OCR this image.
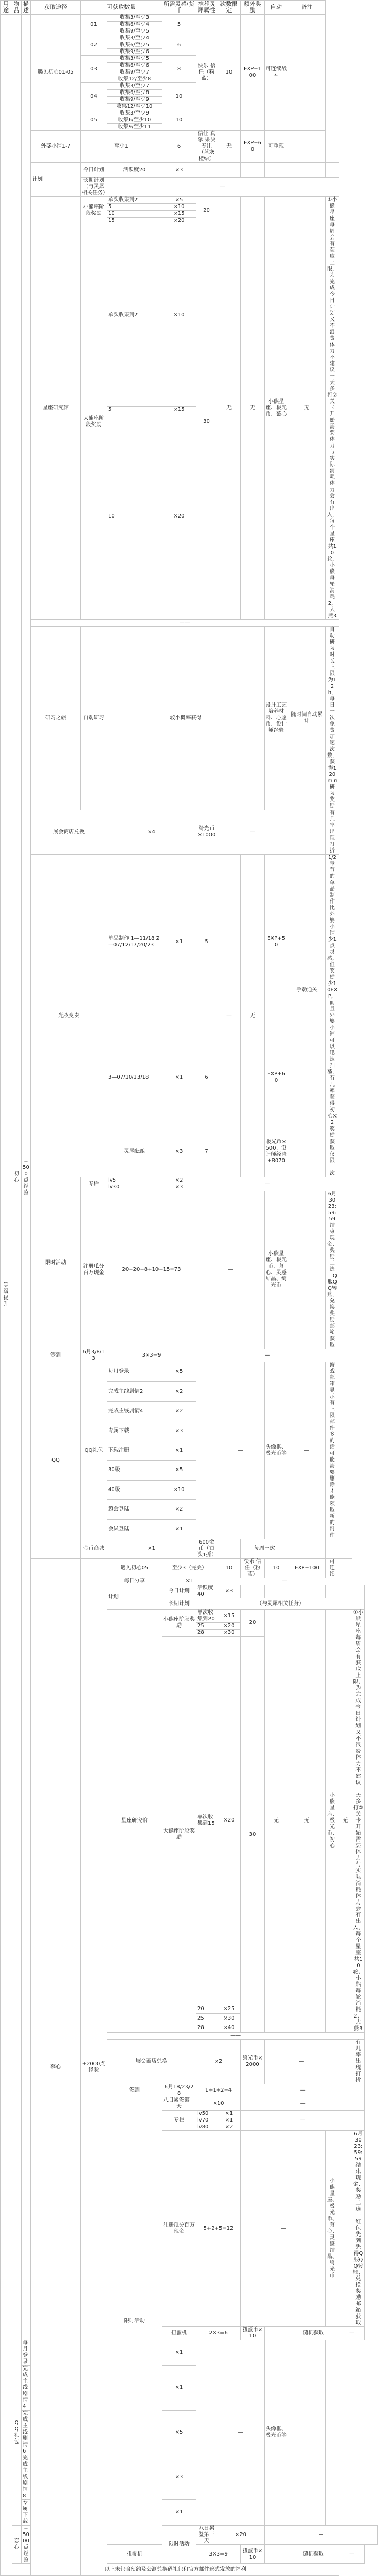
用途	物品	描述	获取途径	可获取数量		所需灵感/货币	推荐灵犀属性	次数限定	额外奖励	自动	备注			
等级提升	初心	+500点经验	遇见初心01-05	01	收集3/至少3	5	快乐 信任（粉 蓝）	10	EXP+100	可连续战斗				
					收集6/至少4									
					收集9/至少5									
				02	收集3/至少4	6								
					收集6/至少5									
					收集9/至少6									
				03	收集3/至少5	8								
					收集6/至少6									
					收集9/至少7									
					收集12/至少8									
				04	收集3/至少7	10								
					收集6/至少8									
					收集9/至少9									
					收集12/至少10									
				05	收集3/至少9	10								
					收集6/至少10									
					收集9/至少11									
			外婆小铺1-7	至少1		6	信任 真挚 果决 专注（蓝灰橙绿）	无	EXP+60	可重现				
			计划	今日计划	活跃度20	×3								
				长期计划（与灵犀相关任务）	—									
			星座研究馆	小熊座阶段奖励	单次收集到2	×5	20	无	无	小熊星座、极光币、慕心	无	①小熊星座每周会有获取上限，为完成今日计划又不浪费体力不建议一天多打②关卡开始需要体力与实际消耗体力会有出入，每个星座共10轮，小熊每轮消耗2，大熊3		
					5	×10								
					10	×15								
					15	×20								
				大熊座阶段奖励	单次收集到2	×10	30							
					5	×15								
					10	×20								

			——											
			研习之旅	自动研习	较小概率获得					设计工艺培养材料、心愿币、设计师经验	随时间自动累计	自动研习时长上限为12h，每日一次免费加速次数，获得120min研习奖励		
			展会商店兑换		×4		绮光币×1000	—				有几率出现打折		
			光夜变奏		单品制作 1—11/18 2—07/12/17/20/23	×1	5	—	无	EXP+50	手动通关	1/2章节的单品制作比外婆小铺少1点灵感，但奖励少10EXP，而且外婆小铺可以迅速扫荡，有几率获得初心×2		
					3—07/10/13/18	×1	6			EXP+60				
					灵犀酝酿	×3	7			极光币×500、设计师经验+8070		奖励获取仅限一次		
			限时活动	专栏	lv5	×2	—							
					lv30	×3								
				注册瓜分百万现金	20+20+8+10+15=73		—			小熊星座、极光币、慕心、灵感结晶、绮光币		6月30 23:59:59结束现金、奖励二选一Q服QQ转账，兑换奖励邮箱获取		

			签到	6月3/8/13	3×3=9		—							
			QQ	QQ礼包	每月登录	×5		—		头像框、极光币等	—	游戏邮箱显示有上限邮件多的话可能需要删除才能领取新的附件		
					完成主线剧情2	×2								
					完成主线剧情4	×2								
					专属下载	×3								
					下载注册	×1								
					30级	×5								
					40级	×10								
					超会登陆	×2								
					会员登陆	×1								
				金币商城	×1		600金币（首次1折）		每周一次					
			慕心	+2000点经验	遇见初心05	至少3（完美）		10	快乐 信任（粉 蓝）	10	EXP+100	可连续		
					每日分享	×1		—						
					计划	今日计划	活跃度40	×3						
						长期计划	（与灵犀相关任务）							
					星座研究馆	小熊座阶段奖励	单次收集到20	×15	20	无	无	小熊星座、极光币、初心	无	①小熊星座每周会有获取上限，为完成今日计划又不浪费体力不建议一天多打②关卡开始需要体力与实际消耗体力会有出入，每个星座共10轮，小熊每轮消耗2，大熊3
							25	×20						
							28	×30						
						大熊座阶段奖励	单次收集到15	×20	30					
							20	×25						
							25	×30						
							28	×40						

					——									
					展会商店兑换		×2		绮光币×2000	—				有几率出现打折
					签到	6月18/23/28	1+1+2=4		—					
					限时活动	八日累签第一天	×10		—					
						专栏	lv50	×1	—					
							lv70	×1						
							lv80	×2						
						注册瓜分百万现金	5+2+5=12		—			小熊星座、极光币、慕心、灵感结晶、绮光币		6月30 23:59:59结束现金、奖励二选一红包先到先得Q服QQ转账，兑换奖励邮箱获取
						扭蛋机	2×3=6		扭蛋币×10		随机获取		—	
	QQ礼包	每月登录				×1		—		头像框、极光币等				
		完成主线剧情4				×1								
		完成主线剧情6				×5								
		完成主线剧情8				×3								
		专属下载				×1								
	恋心	+5000点经验				限时活动	八日累签第三天	×20		—				
					扭蛋机		3×3=9		扭蛋币×10		随机获取		—	
	以上未包含预约及公测兑换码礼包和官方邮件形式发放的福利													
